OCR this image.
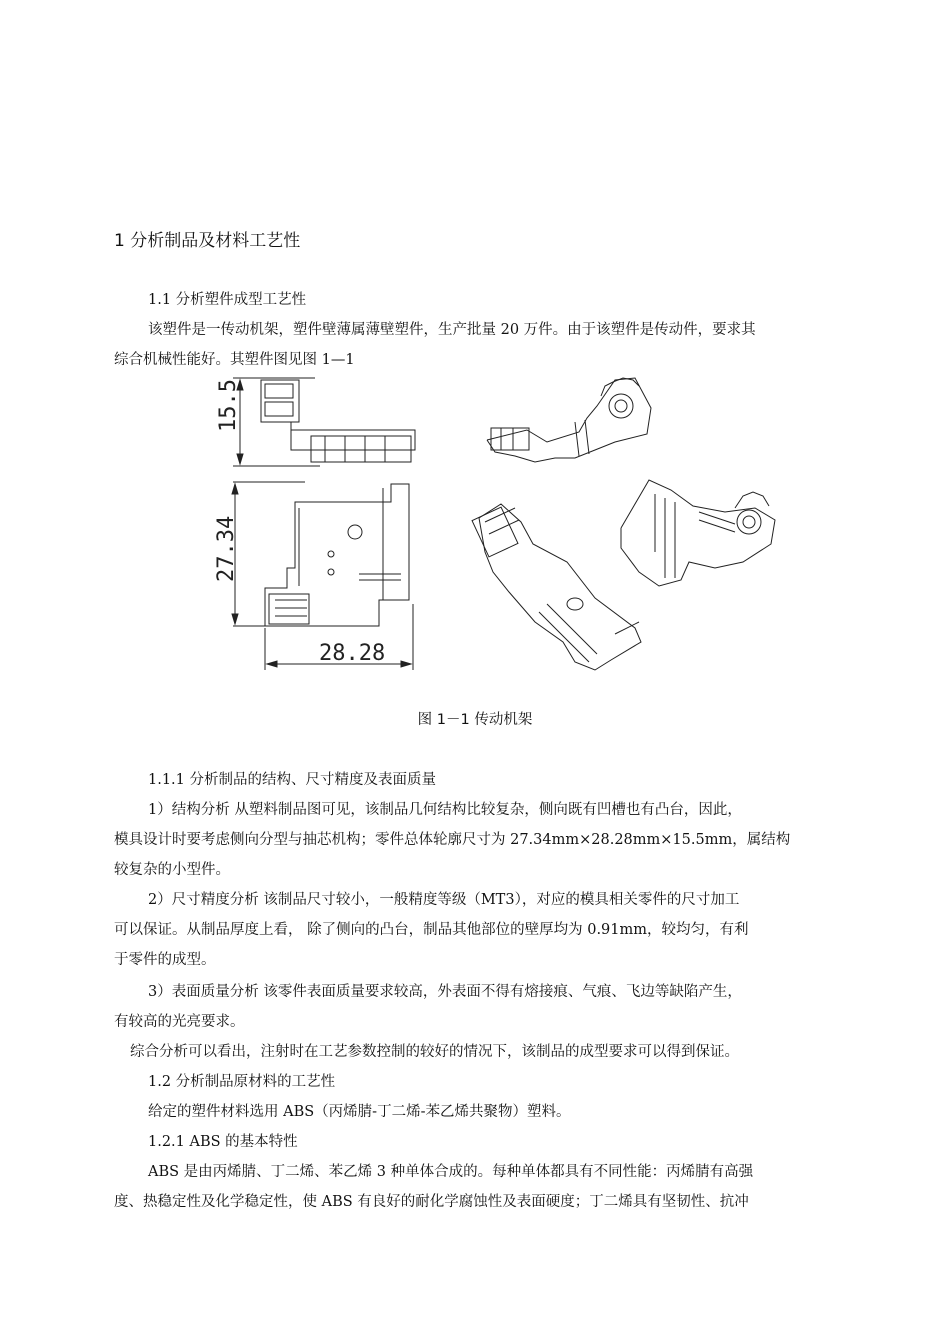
1 分析制品及材料工艺性
1.1 分析塑件成型工艺性
该塑件是一传动机架，塑件壁薄属薄壁塑件，生产批量 20 万件。由于该塑件是传动件，要求其
综合机械性能好。其塑件图见图 1—1
15.5
27.34
28.28
图 1－1 传动机架
1.1.1 分析制品的结构、尺寸精度及表面质量
1）结构分析 从塑料制品图可见，该制品几何结构比较复杂，侧向既有凹槽也有凸台，因此，
模具设计时要考虑侧向分型与抽芯机构；零件总体轮廓尺寸为 27.34mm×28.28mm×15.5mm，属结构
较复杂的小型件。
2）尺寸精度分析 该制品尺寸较小，一般精度等级（MT3），对应的模具相关零件的尺寸加工
可以保证。从制品厚度上看， 除了侧向的凸台，制品其他部位的壁厚均为 0.91mm，较均匀，有利
于零件的成型。
3）表面质量分析 该零件表面质量要求较高，外表面不得有熔接痕、气痕、飞边等缺陷产生，
有较高的光亮要求。
综合分析可以看出，注射时在工艺参数控制的较好的情况下，该制品的成型要求可以得到保证。
1.2 分析制品原材料的工艺性
给定的塑件材料选用 ABS（丙烯腈-丁二烯-苯乙烯共聚物）塑料。
1.2.1 ABS 的基本特性
ABS 是由丙烯腈、丁二烯、苯乙烯 3 种单体合成的。每种单体都具有不同性能：丙烯腈有高强
度、热稳定性及化学稳定性，使 ABS 有良好的耐化学腐蚀性及表面硬度；丁二烯具有坚韧性、抗冲
